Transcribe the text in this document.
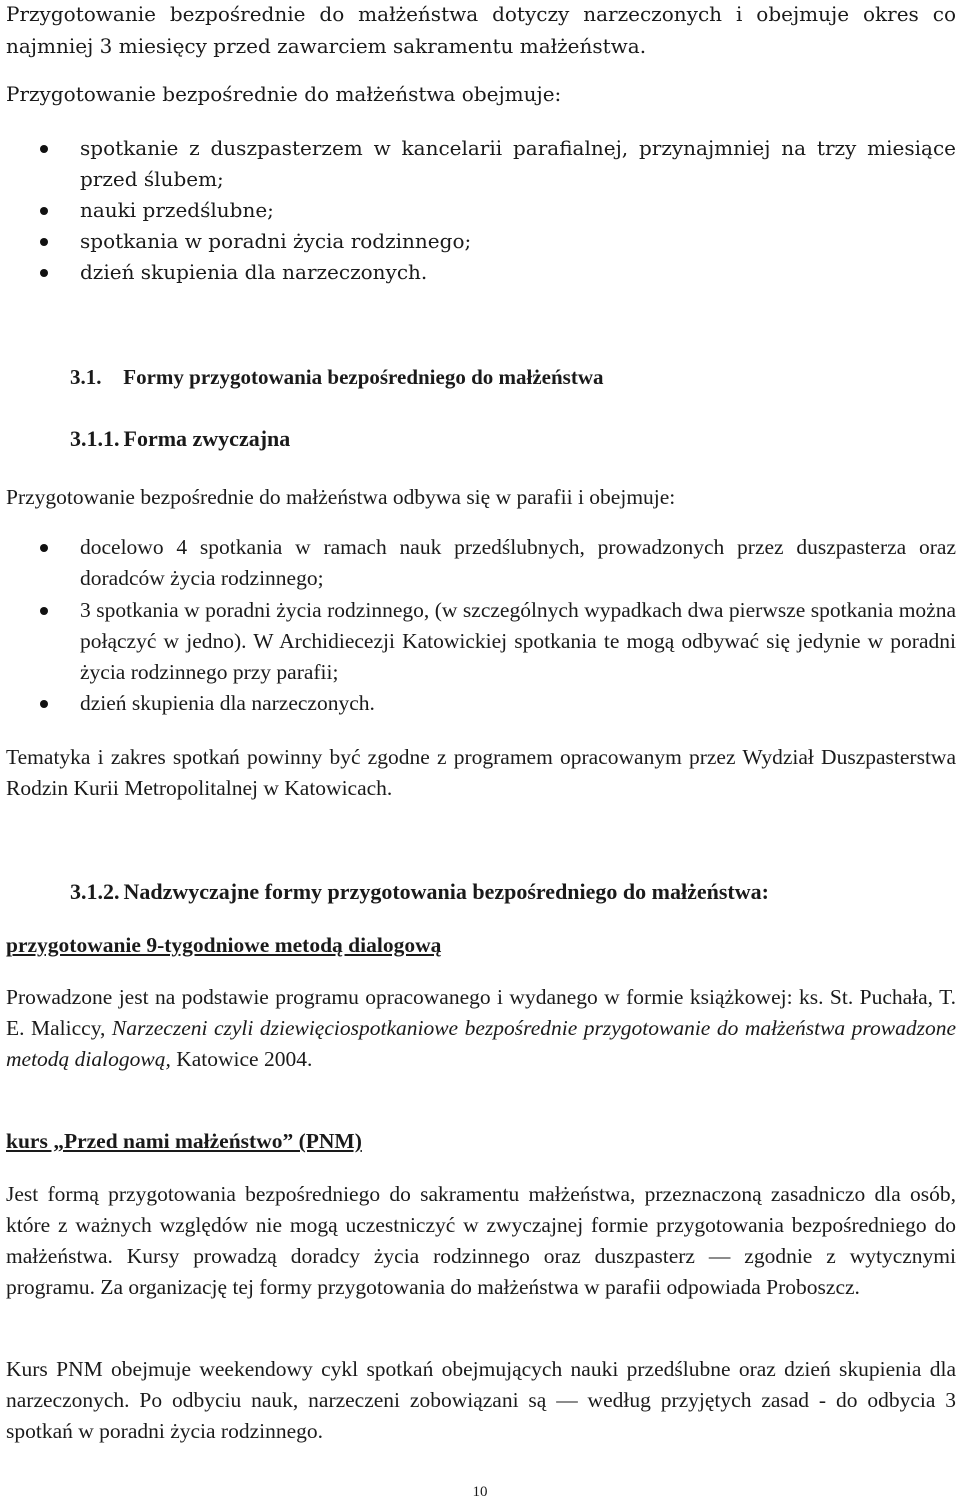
Przygotowanie bezpośrednie do małżeństwa dotyczy narzeczonych i obejmuje okres co najmniej 3 miesięcy przed zawarciem sakramentu małżeństwa.

Przygotowanie bezpośrednie do małżeństwa obejmuje:

spotkanie z duszpasterzem w kancelarii parafialnej, przynajmniej na trzy miesiące przed ślubem;
nauki przedślubne;
spotkania w poradni życia rodzinnego;
dzień skupienia dla narzeczonych.
3.1. Formy przygotowania bezpośredniego do małżeństwa
3.1.1. Forma zwyczajna

Przygotowanie bezpośrednie do małżeństwa odbywa się w parafii i obejmuje:

docelowo 4 spotkania w ramach nauk przedślubnych, prowadzonych przez duszpasterza oraz doradców życia rodzinnego;
3 spotkania w poradni życia rodzinnego, (w szczególnych wypadkach dwa pierwsze spotkania można połączyć w jedno). W Archidiecezji Katowickiej spotkania te mogą odbywać się jedynie w poradni życia rodzinnego przy parafii;
dzień skupienia dla narzeczonych.

Tematyka i zakres spotkań powinny być zgodne z programem opracowanym przez Wydział Duszpasterstwa Rodzin Kurii Metropolitalnej w Katowicach.

3.1.2. Nadzwyczajne formy przygotowania bezpośredniego do małżeństwa:

przygotowanie 9-tygodniowe metodą dialogową

Prowadzone jest na podstawie programu opracowanego i wydanego w formie książkowej: ks. St. Puchała, T. E. Maliccy, Narzeczeni czyli dziewięciospotkaniowe bezpośrednie przygotowanie do małżeństwa prowadzone metodą dialogową, Katowice 2004.

kurs „Przed nami małżeństwo” (PNM)

Jest formą przygotowania bezpośredniego do sakramentu małżeństwa, przeznaczoną zasadniczo dla osób, które z ważnych względów nie mogą uczestniczyć w zwyczajnej formie przygotowania bezpośredniego do małżeństwa. Kursy prowadzą doradcy życia rodzinnego oraz duszpasterz — zgodnie z wytycznymi programu. Za organizację tej formy przygotowania do małżeństwa w parafii odpowiada Proboszcz.

Kurs PNM obejmuje weekendowy cykl spotkań obejmujących nauki przedślubne oraz dzień skupienia dla narzeczonych. Po odbyciu nauk, narzeczeni zobowiązani są — według przyjętych zasad - do odbycia 3 spotkań w poradni życia rodzinnego.

10
